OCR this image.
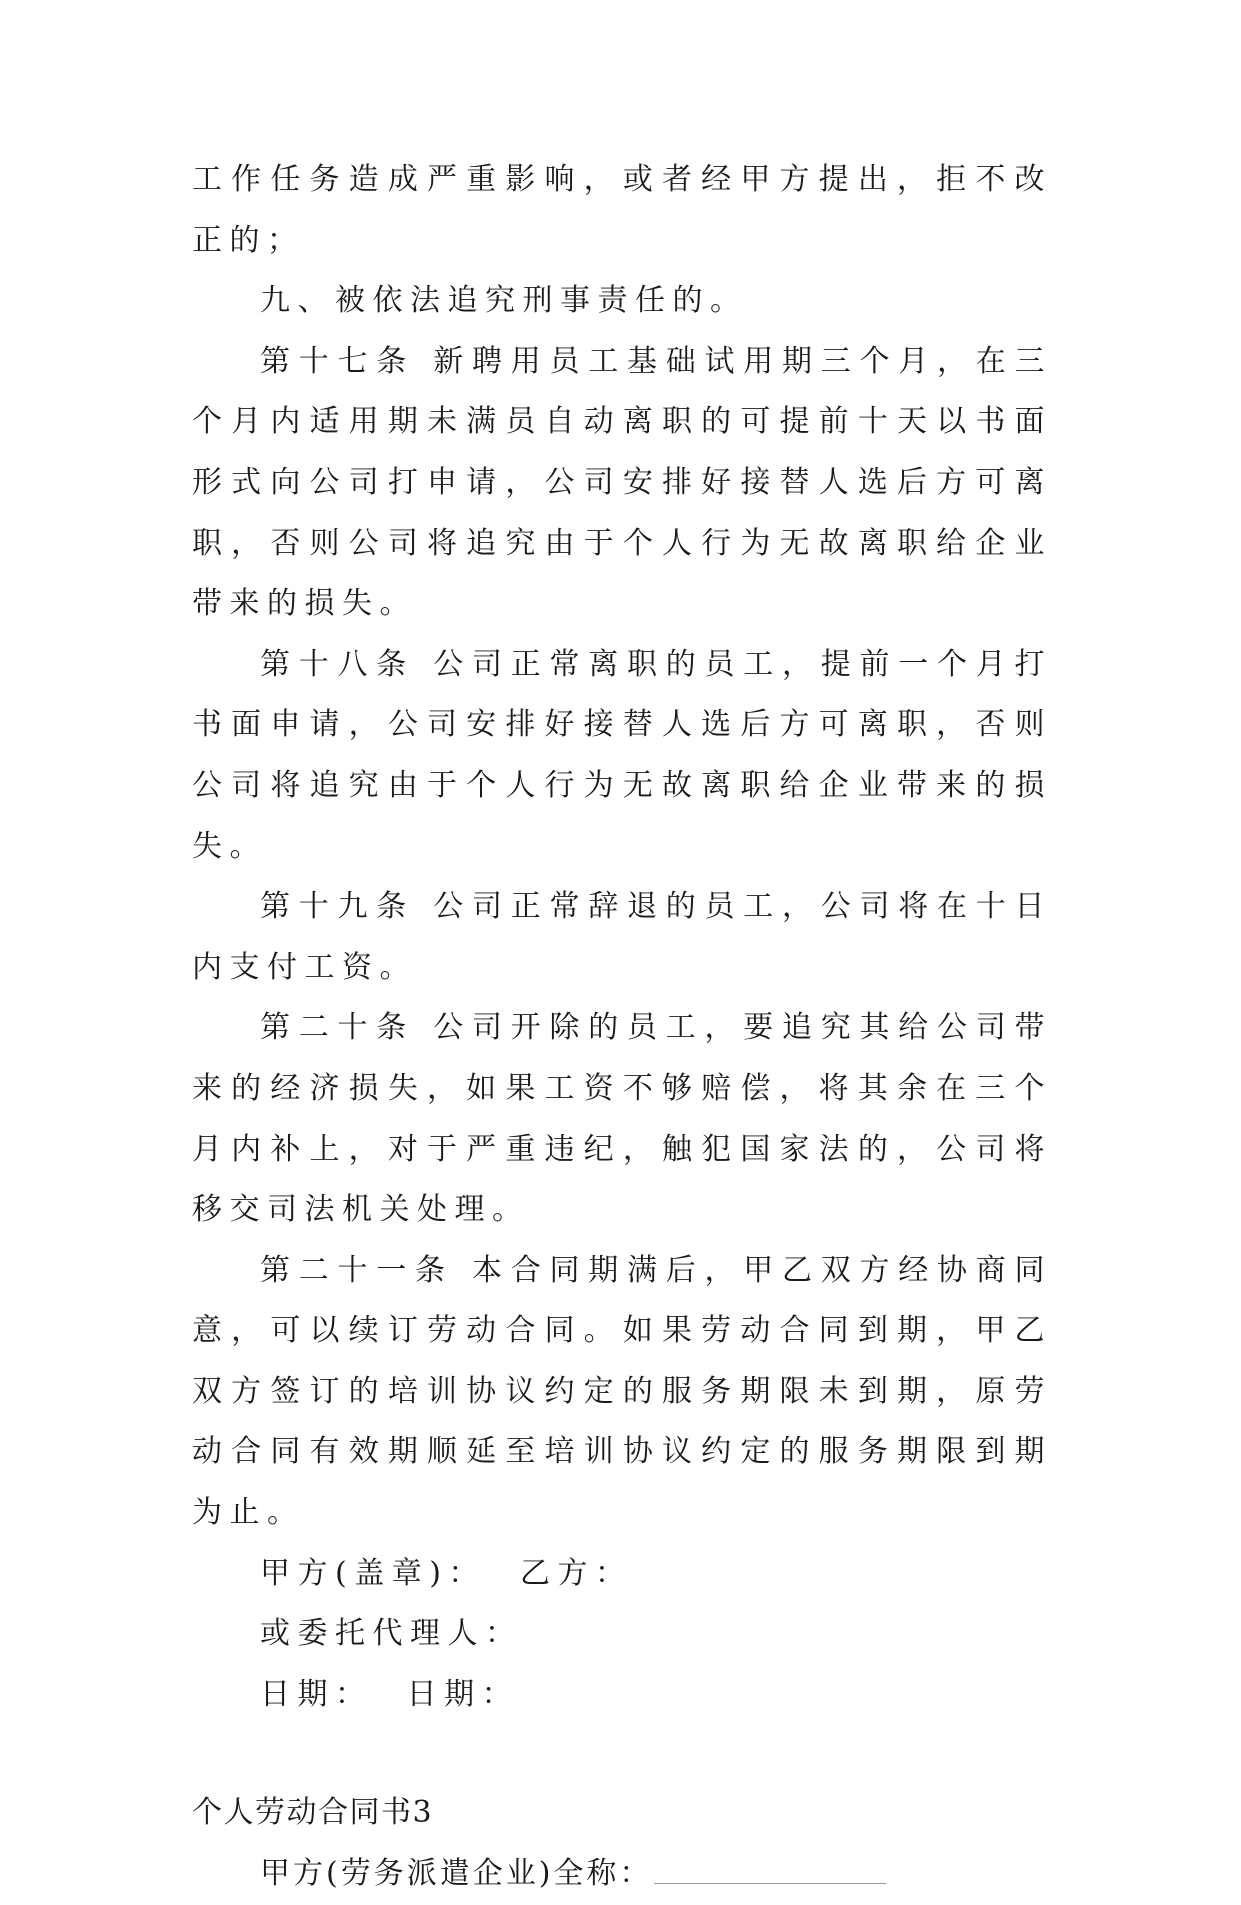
工作任务造成严重影响，或者经甲方提出，拒不改正的；
九、被依法追究刑事责任的。
第十七条 新聘用员工基础试用期三个月，在三个月内适用期未满员自动离职的可提前十天以书面形式向公司打申请，公司安排好接替人选后方可离职，否则公司将追究由于个人行为无故离职给企业带来的损失。
第十八条 公司正常离职的员工，提前一个月打书面申请，公司安排好接替人选后方可离职，否则公司将追究由于个人行为无故离职给企业带来的损失。
第十九条 公司正常辞退的员工，公司将在十日内支付工资。
第二十条 公司开除的员工，要追究其给公司带来的经济损失，如果工资不够赔偿，将其余在三个月内补上，对于严重违纪，触犯国家法的，公司将移交司法机关处理。
第二十一条 本合同期满后，甲乙双方经协商同意，可以续订劳动合同。如果劳动合同到期，甲乙双方签订的培训协议约定的服务期限未到期，原劳动合同有效期顺延至培训协议约定的服务期限到期为止。
甲方(盖章)：  乙方：
或委托代理人：
日期：  日期：
个人劳动合同书3
甲方(劳务派遣企业)全称：
